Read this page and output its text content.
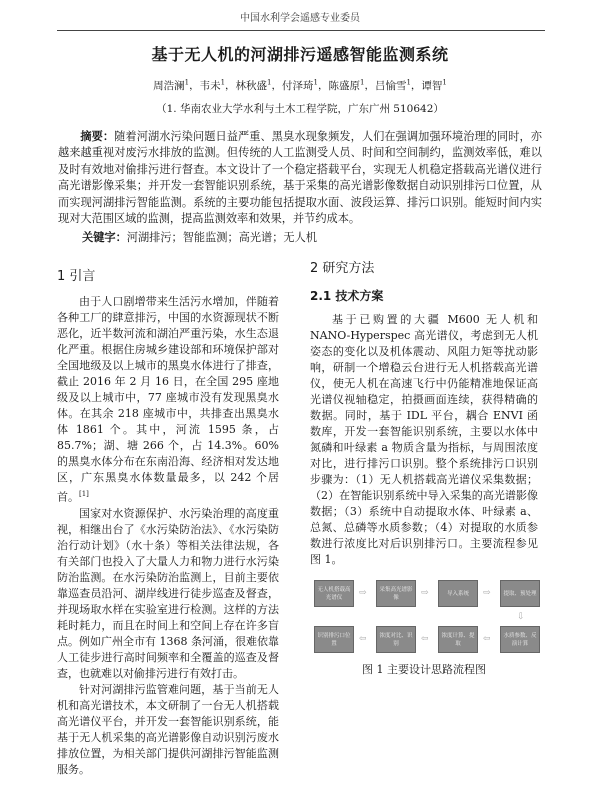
中国水利学会遥感专业委员
基于无人机的河湖排污遥感智能监测系统
周浩澜$^1$，韦未$^1$，林秋盛$^1$，付泽琦$^1$，陈盛原$^1$，吕愉雪$^1$，谭智$^1$
（1. 华南农业大学水利与土木工程学院，广东广州 510642）
摘要：随着河湖水污染问题日益严重、黑臭水现象频发，人们在强调加强环境治理的同时，亦越来越重视对废污水排放的监测。但传统的人工监测受人员、时间和空间制约，监测效率低，难以及时有效地对偷排污进行督查。本文设计了一个稳定搭载平台，实现无人机稳定搭载高光谱仪进行高光谱影像采集；并开发一套智能识别系统，基于采集的高光谱影像数据自动识别排污口位置，从而实现河湖排污智能监测。系统的主要功能包括提取水面、波段运算、排污口识别。能短时间内实现对大范围区域的监测，提高监测效率和效果，并节约成本。
关键字：河湖排污；智能监测；高光谱；无人机
1 引言

由于人口剧增带来生活污水增加，伴随着各种工厂的肆意排污，中国的水资源现状不断恶化，近半数河流和湖泊严重污染，水生态退化严重。根据住房城乡建设部和环境保护部对全国地级及以上城市的黑臭水体进行了排查，截止 2016 年 2 月 16 日，在全国 295 座地级及以上城市中，77 座城市没有发现黑臭水体。在其余 218 座城市中，共排查出黑臭水体 1861 个。其中，河流 1595 条，占 85.7%；湖、塘 266 个，占 14.3%。60%的黑臭水体分布在东南沿海、经济相对发达地区，广东黑臭水体数量最多，以 242 个居首。[1]

国家对水资源保护、水污染治理的高度重视，相继出台了《水污染防治法》、《水污染防治行动计划》（水十条）等相关法律法规，各有关部门也投入了大量人力和物力进行水污染防治监测。在水污染防治监测上，目前主要依靠巡查员沿河、湖岸线进行徒步巡查及督查，并现场取水样在实验室进行检测。这样的方法耗时耗力，而且在时间上和空间上存在许多盲点。例如广州全市有 1368 条河涌，很难依靠人工徒步进行高时间频率和全覆盖的巡查及督查，也就难以对偷排污进行有效打击。

针对河湖排污监管难问题，基于当前无人机和高光谱技术，本文研制了一台无人机搭载高光谱仪平台，并开发一套智能识别系统，能基于无人机采集的高光谱影像自动识别污废水排放位置，为相关部门提供河湖排污智能监测服务。

2 研究方法
2.1 技术方案

基于已购置的大疆 M600 无人机和 NANO-Hyperspec 高光谱仪，考虑到无人机姿态的变化以及机体震动、风阻力矩等扰动影响，研制一个增稳云台进行无人机搭载高光谱仪，使无人机在高速飞行中仍能精准地保证高光谱仪视轴稳定，拍摄画面连续，获得精确的数据。同时，基于 IDL 平台，耦合 ENVI 函数库，开发一套智能识别系统，主要以水体中氮磷和叶绿素 a 物质含量为指标，与周围浓度对比，进行排污口识别。整个系统排污口识别步骤为：（1）无人机搭载高光谱仪采集数据；（2）在智能识别系统中导入采集的高光谱影像数据；（3）系统中自动提取水体、叶绿素 a、总氮、总磷等水质参数；（4）对提取的水质参数进行浓度比对后识别排污口。主要流程参见图 1。

无人机搭载高光谱仪	⇨	采集高光谱影像	⇨	导入系统	⇨	提取、预处理
⇩
识别排污口位置	⇦	浓度对比、识别	⇦	浓度计算、提取	⇦	水质参数、反演计算
图 1 主要设计思路流程图
